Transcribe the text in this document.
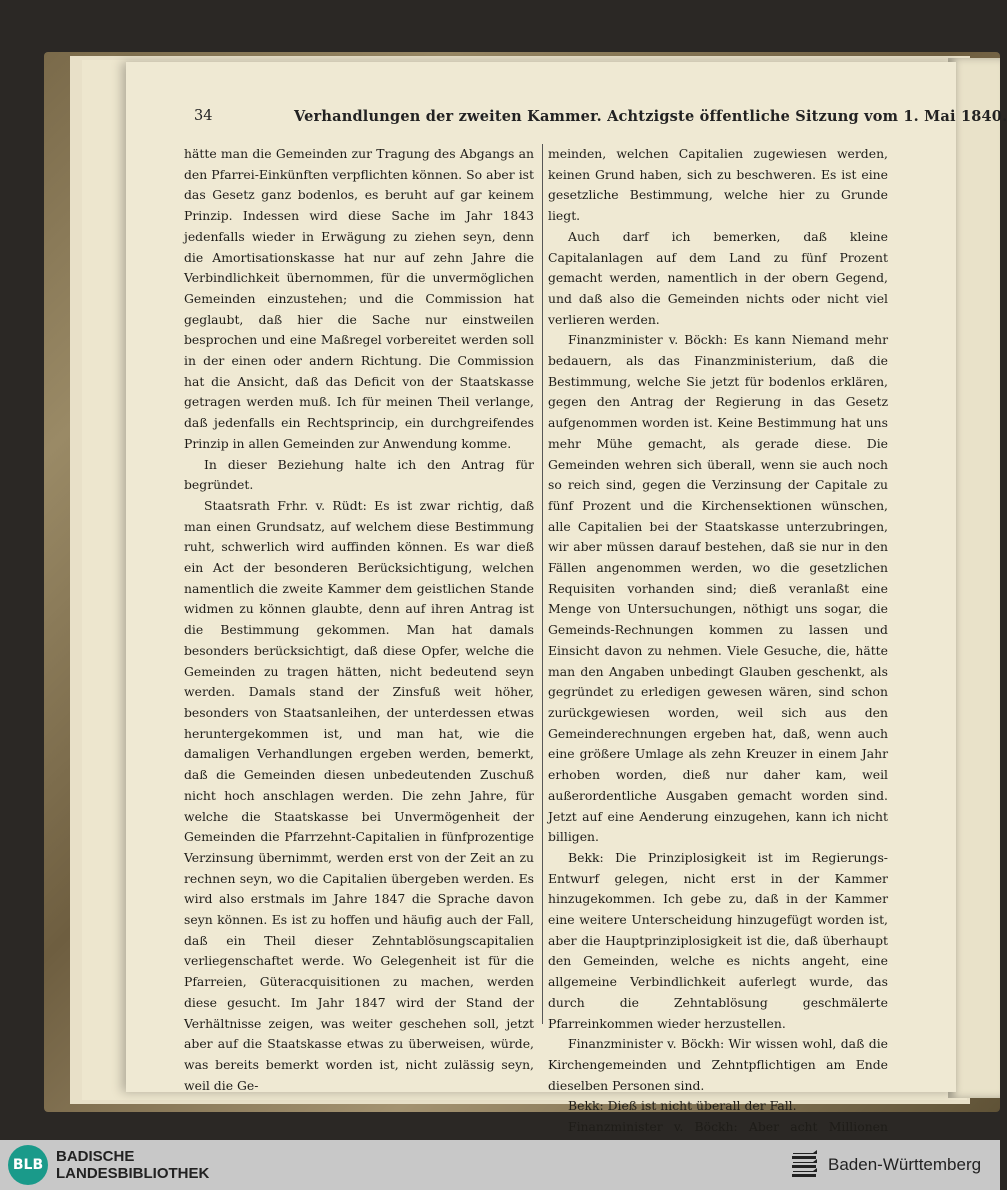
34	Verhandlungen der zweiten Kammer. Achtzigste öffentliche Sitzung vom 1. Mai 1840.

hätte man die Gemeinden zur Tragung des Abgangs an den Pfarrei-Einkünften verpflichten können. So aber ist das Gesetz ganz bodenlos, es beruht auf gar keinem Prinzip. Indessen wird diese Sache im Jahr 1843 jedenfalls wieder in Erwägung zu ziehen seyn, denn die Amortisationskasse hat nur auf zehn Jahre die Verbindlichkeit übernommen, für die unvermöglichen Gemeinden einzustehen; und die Commission hat geglaubt, daß hier die Sache nur einstweilen besprochen und eine Maßregel vorbereitet werden soll in der einen oder andern Richtung. Die Commission hat die Ansicht, daß das Deficit von der Staatskasse getragen werden muß. Ich für meinen Theil verlange, daß jedenfalls ein Rechtsprincip, ein durchgreifendes Prinzip in allen Gemeinden zur Anwendung komme.

In dieser Beziehung halte ich den Antrag für begründet.

Staatsrath Frhr. v. Rüdt: Es ist zwar richtig, daß man einen Grundsatz, auf welchem diese Bestimmung ruht, schwerlich wird auffinden können. Es war dieß ein Act der besonderen Berücksichtigung, welchen namentlich die zweite Kammer dem geistlichen Stande widmen zu können glaubte, denn auf ihren Antrag ist die Bestimmung gekommen. Man hat damals besonders berücksichtigt, daß diese Opfer, welche die Gemeinden zu tragen hätten, nicht bedeutend seyn werden. Damals stand der Zinsfuß weit höher, besonders von Staatsanleihen, der unterdessen etwas heruntergekommen ist, und man hat, wie die damaligen Verhandlungen ergeben werden, bemerkt, daß die Gemeinden diesen unbedeutenden Zuschuß nicht hoch anschlagen werden. Die zehn Jahre, für welche die Staatskasse bei Unvermögenheit der Gemeinden die Pfarrzehnt-Capitalien in fünfprozentige Verzinsung übernimmt, werden erst von der Zeit an zu rechnen seyn, wo die Capitalien übergeben werden. Es wird also erstmals im Jahre 1847 die Sprache davon seyn können. Es ist zu hoffen und häufig auch der Fall, daß ein Theil dieser Zehntablösungscapitalien verliegenschaftet werde. Wo Gelegenheit ist für die Pfarreien, Güteracquisitionen zu machen, werden diese gesucht. Im Jahr 1847 wird der Stand der Verhältnisse zeigen, was weiter geschehen soll, jetzt aber auf die Staatskasse etwas zu überweisen, würde, was bereits bemerkt worden ist, nicht zulässig seyn, weil die Ge-

meinden, welchen Capitalien zugewiesen werden, keinen Grund haben, sich zu beschweren. Es ist eine gesetzliche Bestimmung, welche hier zu Grunde liegt.

Auch darf ich bemerken, daß kleine Capitalanlagen auf dem Land zu fünf Prozent gemacht werden, namentlich in der obern Gegend, und daß also die Gemeinden nichts oder nicht viel verlieren werden.

Finanzminister v. Böckh: Es kann Niemand mehr bedauern, als das Finanzministerium, daß die Bestimmung, welche Sie jetzt für bodenlos erklären, gegen den Antrag der Regierung in das Gesetz aufgenommen worden ist. Keine Bestimmung hat uns mehr Mühe gemacht, als gerade diese. Die Gemeinden wehren sich überall, wenn sie auch noch so reich sind, gegen die Verzinsung der Capitale zu fünf Prozent und die Kirchensektionen wünschen, alle Capitalien bei der Staatskasse unterzubringen, wir aber müssen darauf bestehen, daß sie nur in den Fällen angenommen werden, wo die gesetzlichen Requisiten vorhanden sind; dieß veranlaßt eine Menge von Untersuchungen, nöthigt uns sogar, die Gemeinds-Rechnungen kommen zu lassen und Einsicht davon zu nehmen. Viele Gesuche, die, hätte man den Angaben unbedingt Glauben geschenkt, als gegründet zu erledigen gewesen wären, sind schon zurückgewiesen worden, weil sich aus den Gemeinderechnungen ergeben hat, daß, wenn auch eine größere Umlage als zehn Kreuzer in einem Jahr erhoben worden, dieß nur daher kam, weil außerordentliche Ausgaben gemacht worden sind. Jetzt auf eine Aenderung einzugehen, kann ich nicht billigen.

Bekk: Die Prinziplosigkeit ist im Regierungs-Entwurf gelegen, nicht erst in der Kammer hinzugekommen. Ich gebe zu, daß in der Kammer eine weitere Unterscheidung hinzugefügt worden ist, aber die Hauptprinziplosigkeit ist die, daß überhaupt den Gemeinden, welche es nichts angeht, eine allgemeine Verbindlichkeit auferlegt wurde, das durch die Zehntablösung geschmälerte Pfarreinkommen wieder herzustellen.

Finanzminister v. Böckh: Wir wissen wohl, daß die Kirchengemeinden und Zehntpflichtigen am Ende dieselben Personen sind.

Bekk: Dieß ist nicht überall der Fall.

Finanzminister v. Böckh: Aber acht Millionen

BLB BADISCHE
LANDESBIBLIOTHEK	Baden-Württemberg
